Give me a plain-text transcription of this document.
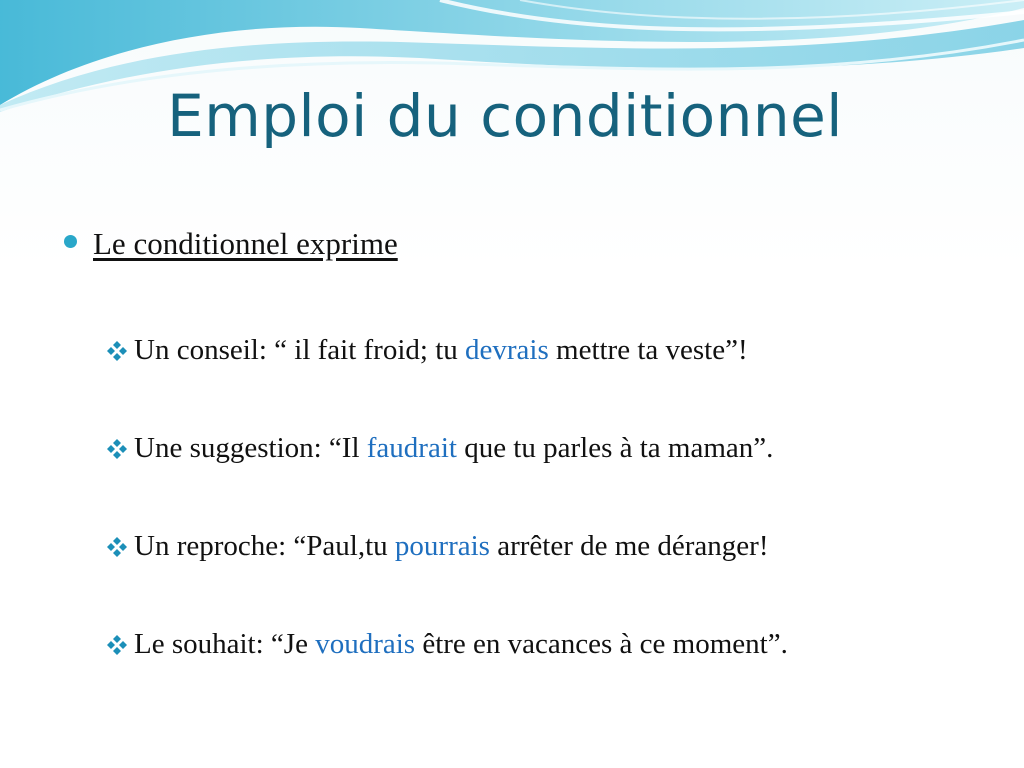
Emploi du conditionnel
Le conditionnel exprime
Un conseil: “ il fait froid; tu
devrais
mettre ta veste”!
Une suggestion: “Il
faudrait
que tu parles à ta maman”.
Un reproche: “Paul,tu
pourrais
arrêter de me déranger!
Le souhait: “Je
voudrais
être en vacances à ce moment”.
